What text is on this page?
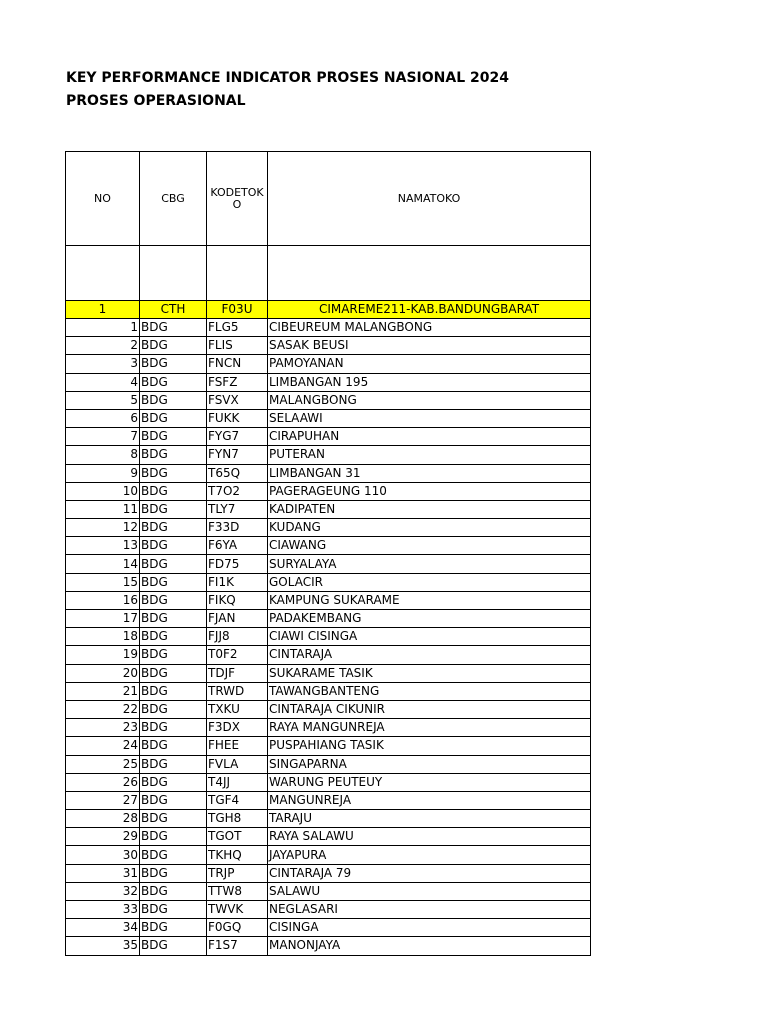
KEY PERFORMANCE INDICATOR PROSES NASIONAL 2024
PROSES OPERASIONAL
NO	CBG	KODETOKO	NAMATOKO

1	CTH	F03U	CIMAREME211-KAB.BANDUNGBARAT
1	BDG	FLG5	CIBEUREUM MALANGBONG
2	BDG	FLIS	SASAK BEUSI
3	BDG	FNCN	PAMOYANAN
4	BDG	FSFZ	LIMBANGAN 195
5	BDG	FSVX	MALANGBONG
6	BDG	FUKK	SELAAWI
7	BDG	FYG7	CIRAPUHAN
8	BDG	FYN7	PUTERAN
9	BDG	T65Q	LIMBANGAN 31
10	BDG	T7O2	PAGERAGEUNG 110
11	BDG	TLY7	KADIPATEN
12	BDG	F33D	KUDANG
13	BDG	F6YA	CIAWANG
14	BDG	FD75	SURYALAYA
15	BDG	FI1K	GOLACIR
16	BDG	FIKQ	KAMPUNG SUKARAME
17	BDG	FJAN	PADAKEMBANG
18	BDG	FJJ8	CIAWI CISINGA
19	BDG	T0F2	CINTARAJA
20	BDG	TDJF	SUKARAME TASIK
21	BDG	TRWD	TAWANGBANTENG
22	BDG	TXKU	CINTARAJA CIKUNIR
23	BDG	F3DX	RAYA MANGUNREJA
24	BDG	FHEE	PUSPAHIANG TASIK
25	BDG	FVLA	SINGAPARNA
26	BDG	T4JJ	WARUNG PEUTEUY
27	BDG	TGF4	MANGUNREJA
28	BDG	TGH8	TARAJU
29	BDG	TGOT	RAYA SALAWU
30	BDG	TKHQ	JAYAPURA
31	BDG	TRJP	CINTARAJA 79
32	BDG	TTW8	SALAWU
33	BDG	TWVK	NEGLASARI
34	BDG	F0GQ	CISINGA
35	BDG	F1S7	MANONJAYA
